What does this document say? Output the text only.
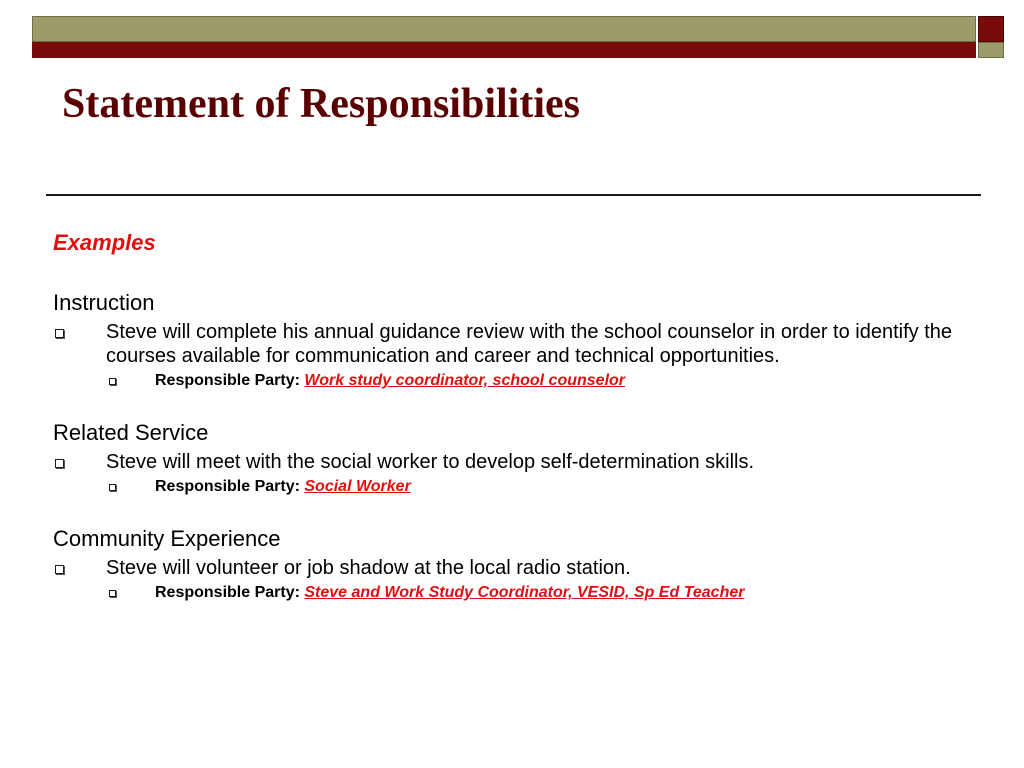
Statement of Responsibilities
Examples
Instruction
Steve will complete his annual guidance review with the school counselor in order to identify the courses available for communication and career and technical opportunities.
Responsible Party: Work study coordinator, school counselor
Related Service
Steve will meet with the social worker to develop self-determination skills.
Responsible Party: Social Worker
Community Experience
Steve will volunteer or job shadow at the local radio station.
Responsible Party: Steve and Work Study Coordinator, VESID, Sp Ed Teacher
